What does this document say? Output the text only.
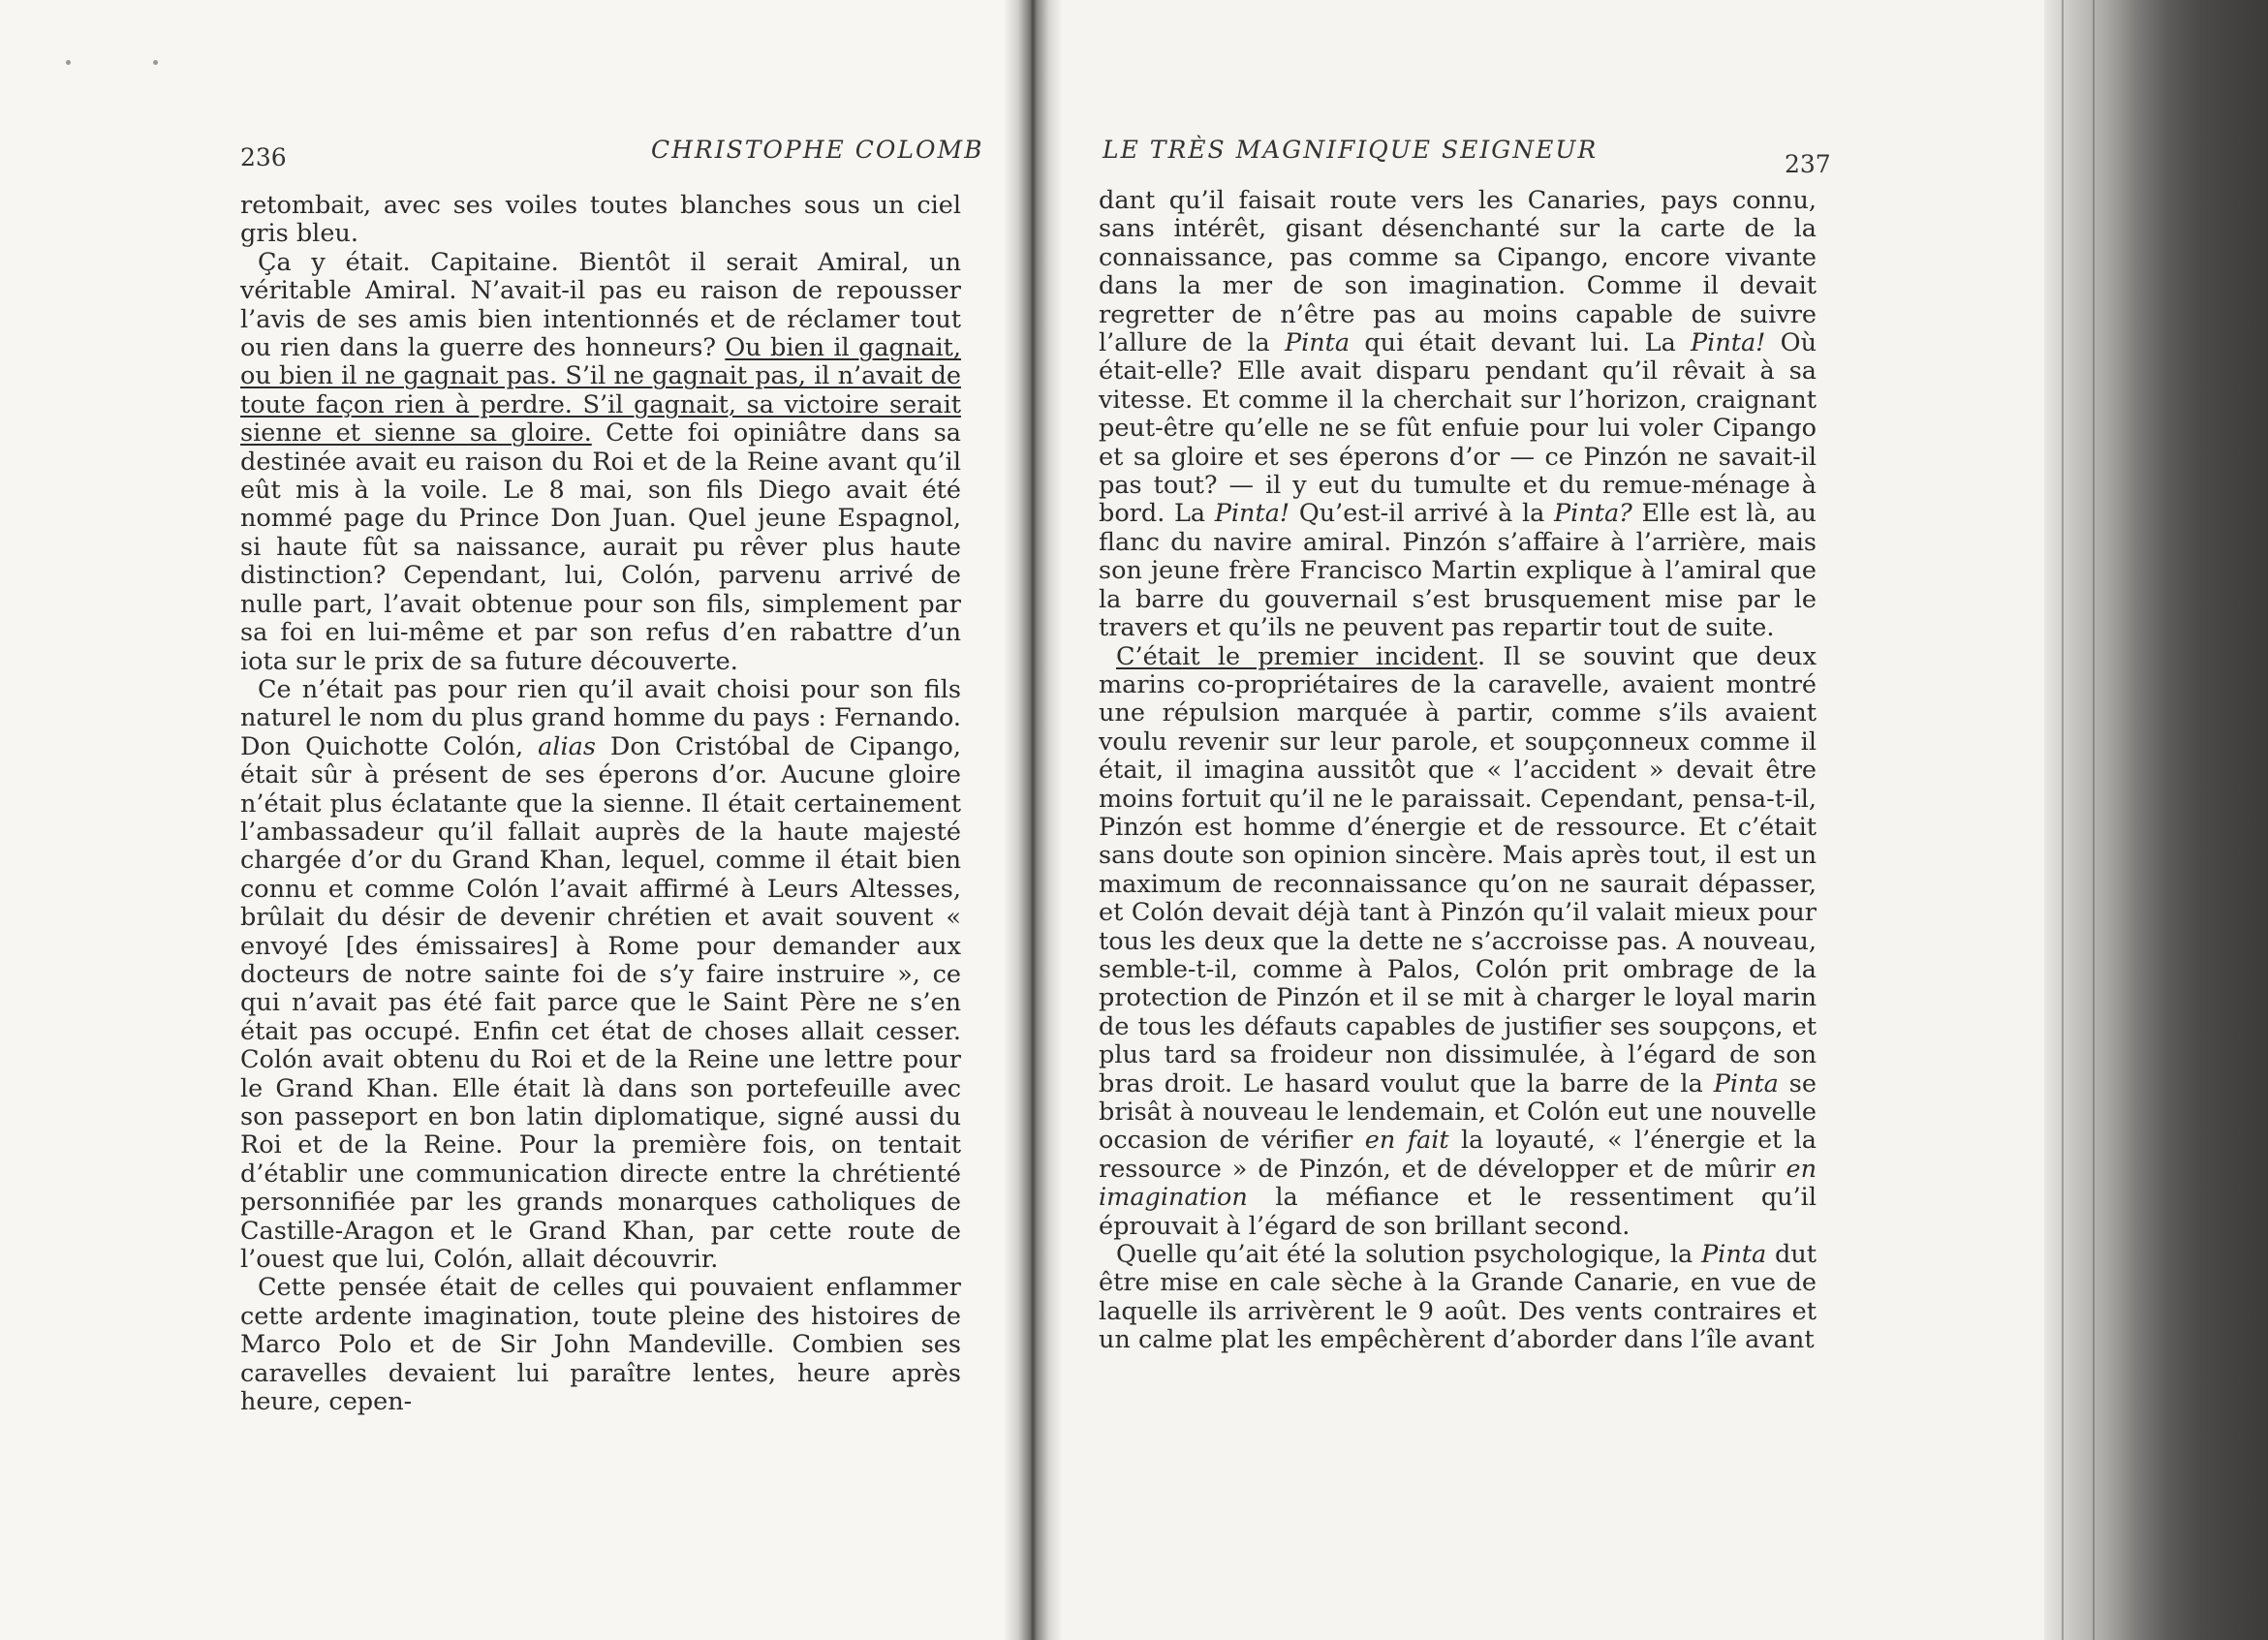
236	CHRISTOPHE COLOMB	LE TRÈS MAGNIFIQUE SEIGNEUR
237

retombait, avec ses voiles toutes blanches sous un ciel gris bleu.

Ça y était. Capitaine. Bientôt il serait Amiral, un véritable Amiral. N’avait-il pas eu raison de repousser l’avis de ses amis bien intentionnés et de réclamer tout ou rien dans la guerre des honneurs? Ou bien il gagnait, ou bien il ne gagnait pas. S’il ne gagnait pas, il n’avait de toute façon rien à perdre. S’il gagnait, sa victoire serait sienne et sienne sa gloire. Cette foi opiniâtre dans sa destinée avait eu raison du Roi et de la Reine avant qu’il eût mis à la voile. Le 8 mai, son fils Diego avait été nommé page du Prince Don Juan. Quel jeune Espagnol, si haute fût sa naissance, aurait pu rêver plus haute distinction? Cependant, lui, Colón, parvenu arrivé de nulle part, l’avait obtenue pour son fils, simplement par sa foi en lui-même et par son refus d’en rabattre d’un iota sur le prix de sa future découverte.

Ce n’était pas pour rien qu’il avait choisi pour son fils naturel le nom du plus grand homme du pays : Fernando. Don Quichotte Colón, alias Don Cristóbal de Cipango, était sûr à présent de ses éperons d’or. Aucune gloire n’était plus éclatante que la sienne. Il était certainement l’ambassadeur qu’il fallait auprès de la haute majesté chargée d’or du Grand Khan, lequel, comme il était bien connu et comme Colón l’avait affirmé à Leurs Altesses, brûlait du désir de devenir chrétien et avait souvent « envoyé [des émissaires] à Rome pour demander aux docteurs de notre sainte foi de s’y faire instruire », ce qui n’avait pas été fait parce que le Saint Père ne s’en était pas occupé. Enfin cet état de choses allait cesser. Colón avait obtenu du Roi et de la Reine une lettre pour le Grand Khan. Elle était là dans son portefeuille avec son passeport en bon latin diplomatique, signé aussi du Roi et de la Reine. Pour la première fois, on tentait d’établir une communication directe entre la chrétienté personnifiée par les grands monarques catholiques de Castille-Aragon et le Grand Khan, par cette route de l’ouest que lui, Colón, allait découvrir.

Cette pensée était de celles qui pouvaient enflammer cette ardente imagination, toute pleine des histoires de Marco Polo et de Sir John Mandeville. Combien ses caravelles devaient lui paraître lentes, heure après heure, cepen-

dant qu’il faisait route vers les Canaries, pays connu, sans intérêt, gisant désenchanté sur la carte de la connaissance, pas comme sa Cipango, encore vivante dans la mer de son imagination. Comme il devait regretter de n’être pas au moins capable de suivre l’allure de la Pinta qui était devant lui. La Pinta! Où était-elle? Elle avait disparu pendant qu’il rêvait à sa vitesse. Et comme il la cherchait sur l’horizon, craignant peut-être qu’elle ne se fût enfuie pour lui voler Cipango et sa gloire et ses éperons d’or — ce Pinzón ne savait-il pas tout? — il y eut du tumulte et du remue-ménage à bord. La Pinta! Qu’est-il arrivé à la Pinta? Elle est là, au flanc du navire amiral. Pinzón s’affaire à l’arrière, mais son jeune frère Francisco Martin explique à l’amiral que la barre du gouvernail s’est brusquement mise par le travers et qu’ils ne peuvent pas repartir tout de suite.

C’était le premier incident. Il se souvint que deux marins co-propriétaires de la caravelle, avaient montré une répulsion marquée à partir, comme s’ils avaient voulu revenir sur leur parole, et soupçonneux comme il était, il imagina aussitôt que « l’accident » devait être moins fortuit qu’il ne le paraissait. Cependant, pensa-t-il, Pinzón est homme d’énergie et de ressource. Et c’était sans doute son opinion sincère. Mais après tout, il est un maximum de reconnaissance qu’on ne saurait dépasser, et Colón devait déjà tant à Pinzón qu’il valait mieux pour tous les deux que la dette ne s’accroisse pas. A nouveau, semble-t-il, comme à Palos, Colón prit ombrage de la protection de Pinzón et il se mit à charger le loyal marin de tous les défauts capables de justifier ses soupçons, et plus tard sa froideur non dissimulée, à l’égard de son bras droit. Le hasard voulut que la barre de la Pinta se brisât à nouveau le lendemain, et Colón eut une nouvelle occasion de vérifier en fait la loyauté, « l’énergie et la ressource » de Pinzón, et de développer et de mûrir en imagination la méfiance et le ressentiment qu’il éprouvait à l’égard de son brillant second.

Quelle qu’ait été la solution psychologique, la Pinta dut être mise en cale sèche à la Grande Canarie, en vue de laquelle ils arrivèrent le 9 août. Des vents contraires et un calme plat les empêchèrent d’aborder dans l’île avant
